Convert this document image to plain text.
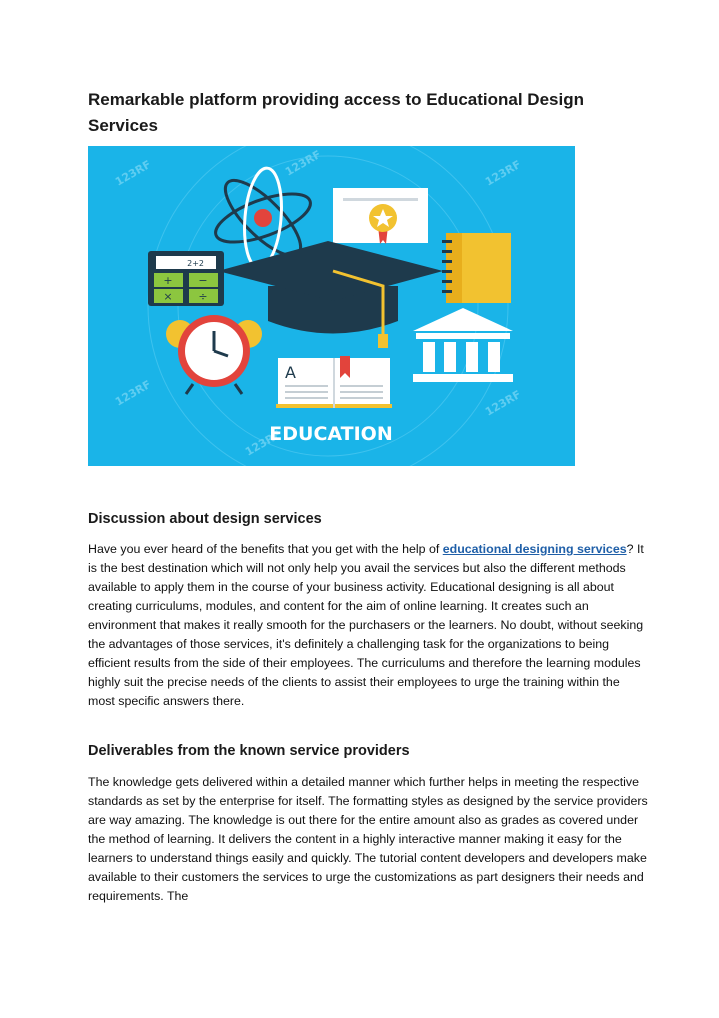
Remarkable platform providing access to Educational Design Services
123RF	123RF	123RF
123RF	123RF
123RF
2+2
+ −
× ÷
A
EDUCATION
Discussion about design services

Have you ever heard of the benefits that you get with the help of educational designing services? It is the best destination which will not only help you avail the services but also the different methods available to apply them in the course of your business activity. Educational designing is all about creating curriculums, modules, and content for the aim of online learning. It creates such an environment that makes it really smooth for the purchasers or the learners. No doubt, without seeking the advantages of those services, it's definitely a challenging task for the organizations to being efficient results from the side of their employees. The curriculums and therefore the learning modules highly suit the precise needs of the clients to assist their employees to urge the training within the most specific answers there.

Deliverables from the known service providers

The knowledge gets delivered within a detailed manner which further helps in meeting the respective standards as set by the enterprise for itself. The formatting styles as designed by the service providers are way amazing. The knowledge is out there for the entire amount also as grades as covered under the method of learning. It delivers the content in a highly interactive manner making it easy for the learners to understand things easily and quickly. The tutorial content developers and developers make available to their customers the services to urge the customizations as part designers their needs and requirements. The
